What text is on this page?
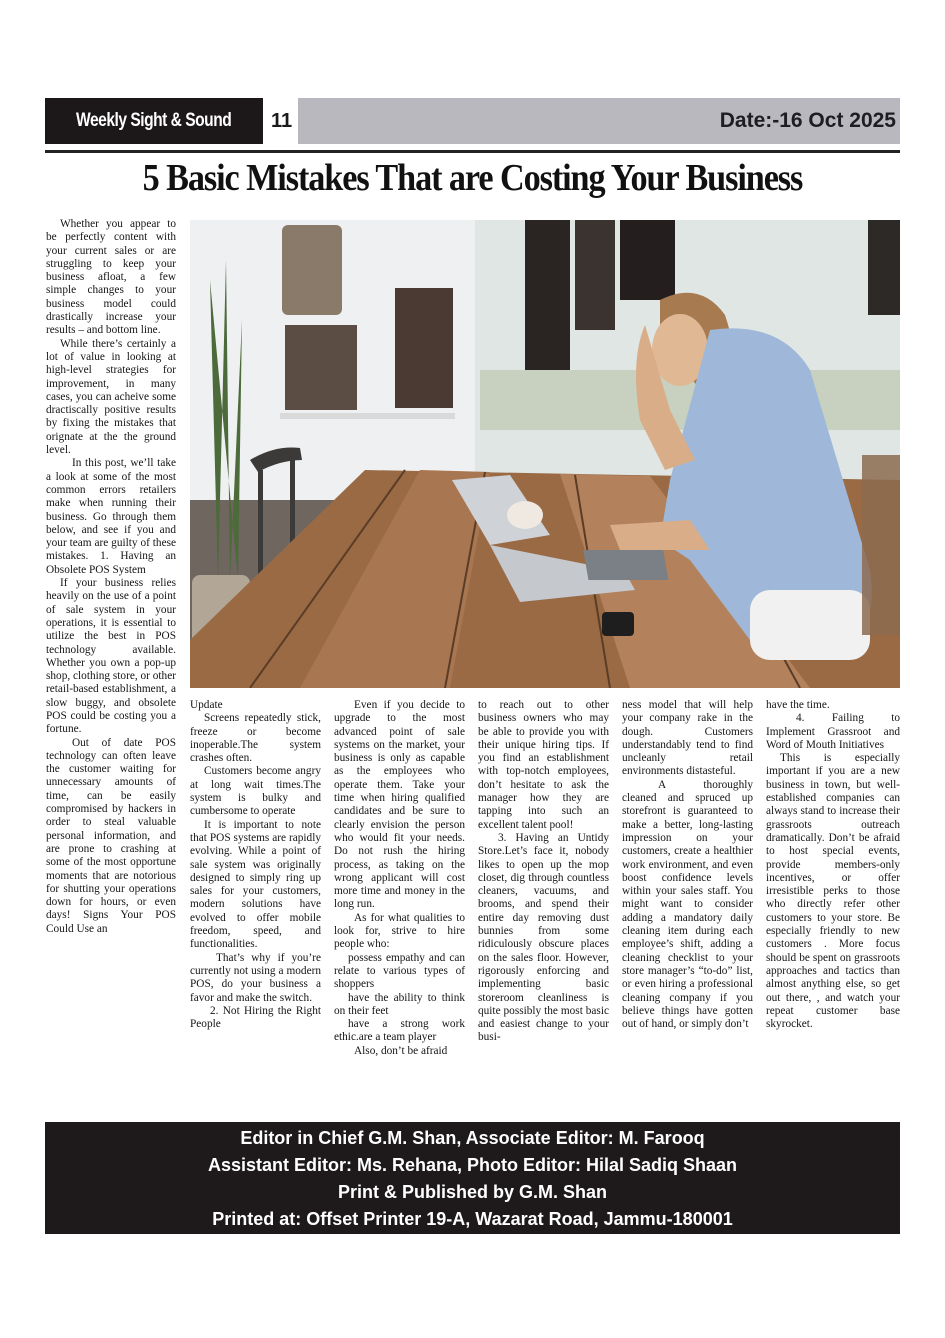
Weekly Sight & Sound 11	Date:-16 Oct 2025
5 Basic Mistakes That are Costing Your Business

Whether you appear to be perfectly content with your current sales or are struggling to keep your business afloat, a few simple changes to your business model could drastically increase your results – and bottom line.

While there’s certainly a lot of value in looking at high-level strategies for improvement, in many cases, you can acheive some dractiscally positive results by fixing the mistakes that orignate at the the ground level.

In this post, we’ll take a look at some of the most common errors retailers make when running their business. Go through them below, and see if you and your team are guilty of these mistakes. 1. Having an Obsolete POS System

If your business relies heavily on the use of a point of sale system in your operations, it is essential to utilize the best in POS technology available. Whether you own a pop-up shop, clothing store, or other retail-based establishment, a slow buggy, and obsolete POS could be costing you a fortune.

Out of date POS technology can often leave the customer waiting for unnecessary amounts of time, can be easily compromised by hackers in order to steal valuable personal information, and are prone to crashing at some of the most opportune moments that are notorious for shutting your operations down for hours, or even days! Signs Your POS Could Use an

Update

Screens repeatedly stick, freeze or become inoperable.The system crashes often.

Customers become angry at long wait times.The system is bulky and cumbersome to operate

It is important to note that POS systems are rapidly evolving. While a point of sale system was originally designed to simply ring up sales for your customers, modern solutions have evolved to offer mobile freedom, speed, and functionalities.

That’s why if you’re currently not using a modern POS, do your business a favor and make the switch.

2. Not Hiring the Right People

Even if you decide to upgrade to the most advanced point of sale systems on the market, your business is only as capable as the employees who operate them. Take your time when hiring qualified candidates and be sure to clearly envision the person who would fit your needs. Do not rush the hiring process, as taking on the wrong applicant will cost more time and money in the long run.

As for what qualities to look for, strive to hire people who:

possess empathy and can relate to various types of shoppers

have the ability to think on their feet

have a strong work ethic.are a team player

Also, don’t be afraid

to reach out to other business owners who may be able to provide you with their unique hiring tips. If you find an establishment with top-notch employees, don’t hesitate to ask the manager how they are tapping into such an excellent talent pool!

3. Having an Untidy Store.Let’s face it, nobody likes to open up the mop closet, dig through countless cleaners, vacuums, and brooms, and spend their entire day removing dust bunnies from some ridiculously obscure places on the sales floor. However, rigorously enforcing and implementing basic storeroom cleanliness is quite possibly the most basic and easiest change to your busi-

ness model that will help your company rake in the dough. Customers understandably tend to find uncleanly retail environments distasteful.

A thoroughly cleaned and spruced up storefront is guaranteed to make a better, long-lasting impression on your customers, create a healthier work environment, and even boost confidence levels within your sales staff. You might want to consider adding a mandatory daily cleaning item during each employee’s shift, adding a cleaning checklist to your store manager’s “to-do” list, or even hiring a professional cleaning company if you believe things have gotten out of hand, or simply don’t

have the time.

4. Failing to Implement Grassroot and Word of Mouth Initiatives

This is especially important if you are a new business in town, but well-established companies can always stand to increase their grassroots outreach dramatically. Don’t be afraid to host special events, provide members-only incentives, or offer irresistible perks to those who directly refer other customers to your store. Be especially friendly to new customers . More focus should be spent on grassroots approaches and tactics than almost anything else, so get out there, , and watch your repeat customer base skyrocket.

Editor in Chief G.M. Shan, Associate Editor: M. Farooq
Assistant Editor: Ms. Rehana, Photo Editor: Hilal Sadiq Shaan
Print & Published by G.M. Shan
Printed at: Offset Printer 19-A, Wazarat Road, Jammu-180001
